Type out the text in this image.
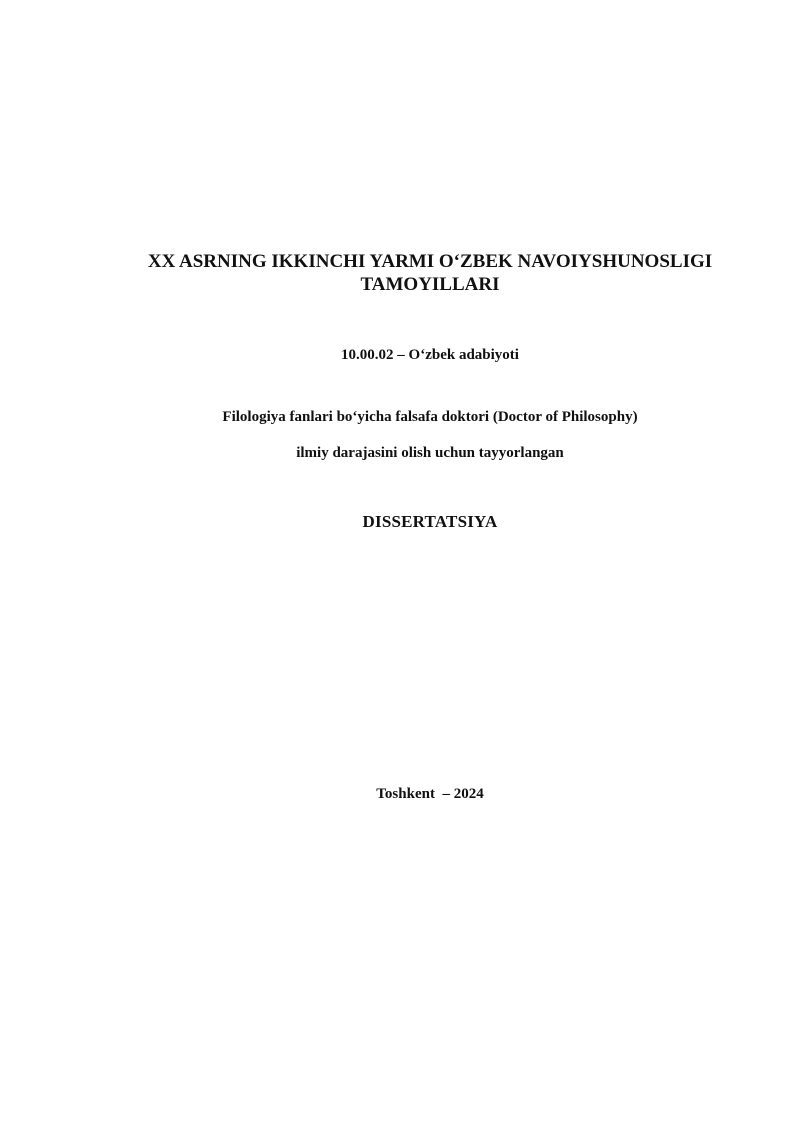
XX ASRNING IKKINCHI YARMI O‘ZBEK NAVOIYSHUNOSLIGI
TAMOYILLARI
10.00.02 – O‘zbek adabiyoti
Filologiya fanlari bo‘yicha falsafa doktori (Doctor of Philosophy)
ilmiy darajasini olish uchun tayyorlangan
DISSERTATSIYA
Toshkent  – 2024
